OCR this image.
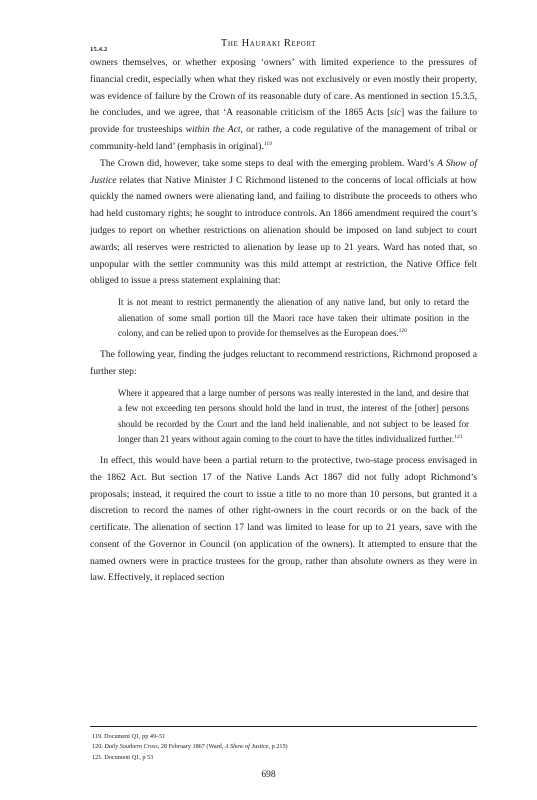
The Hauraki Report
15.4.2

owners themselves, or whether exposing ‘owners’ with limited experience to the pressures of financial credit, especially when what they risked was not exclusively or even mostly their property, was evidence of failure by the Crown of its reasonable duty of care. As mentioned in section 15.3.5, he concludes, and we agree, that ‘A reasonable criticism of the 1865 Acts [sic] was the failure to provide for trusteeships within the Act, or rather, a code regulative of the management of tribal or community-held land’ (emphasis in original).$^{119}$

The Crown did, however, take some steps to deal with the emerging problem. Ward’s A Show of Justice relates that Native Minister J C Richmond listened to the concerns of local officials at how quickly the named owners were alienating land, and failing to distribute the proceeds to others who had held customary rights; he sought to introduce controls. An 1866 amendment required the court’s judges to report on whether restrictions on alienation should be imposed on land subject to court awards; all reserves were restricted to alienation by lease up to 21 years. Ward has noted that, so unpopular with the settler community was this mild attempt at restriction, the Native Office felt obliged to issue a press statement explaining that:

It is not meant to restrict permanently the alienation of any native land, but only to retard the alienation of some small portion till the Maori race have taken their ultimate position in the colony, and can be relied upon to provide for themselves as the European does.$^{120}$

The following year, finding the judges reluctant to recommend restrictions, Richmond proposed a further step:

Where it appeared that a large number of persons was really interested in the land, and desire that a few not exceeding ten persons should hold the land in trust, the interest of the [other] persons should be recorded by the Court and the land held inalienable, and not subject to be leased for longer than 21 years without again coming to the court to have the titles individualized further.$^{121}$

In effect, this would have been a partial return to the protective, two-stage process envisaged in the 1862 Act. But section 17 of the Native Lands Act 1867 did not fully adopt Richmond’s proposals; instead, it required the court to issue a title to no more than 10 persons, but granted it a discretion to record the names of other right-owners in the court records or on the back of the certificate. The alienation of section 17 land was limited to lease for up to 21 years, save with the consent of the Governor in Council (on application of the owners). It attempted to ensure that the named owners were in practice trustees for the group, rather than absolute owners as they were in law. Effectively, it replaced section

119. Document Q1, pp 49–51
120. Daily Southern Cross, 28 February 1867 (Ward, A Show of Justice, p 215)
121. Document Q1, p 53
698
